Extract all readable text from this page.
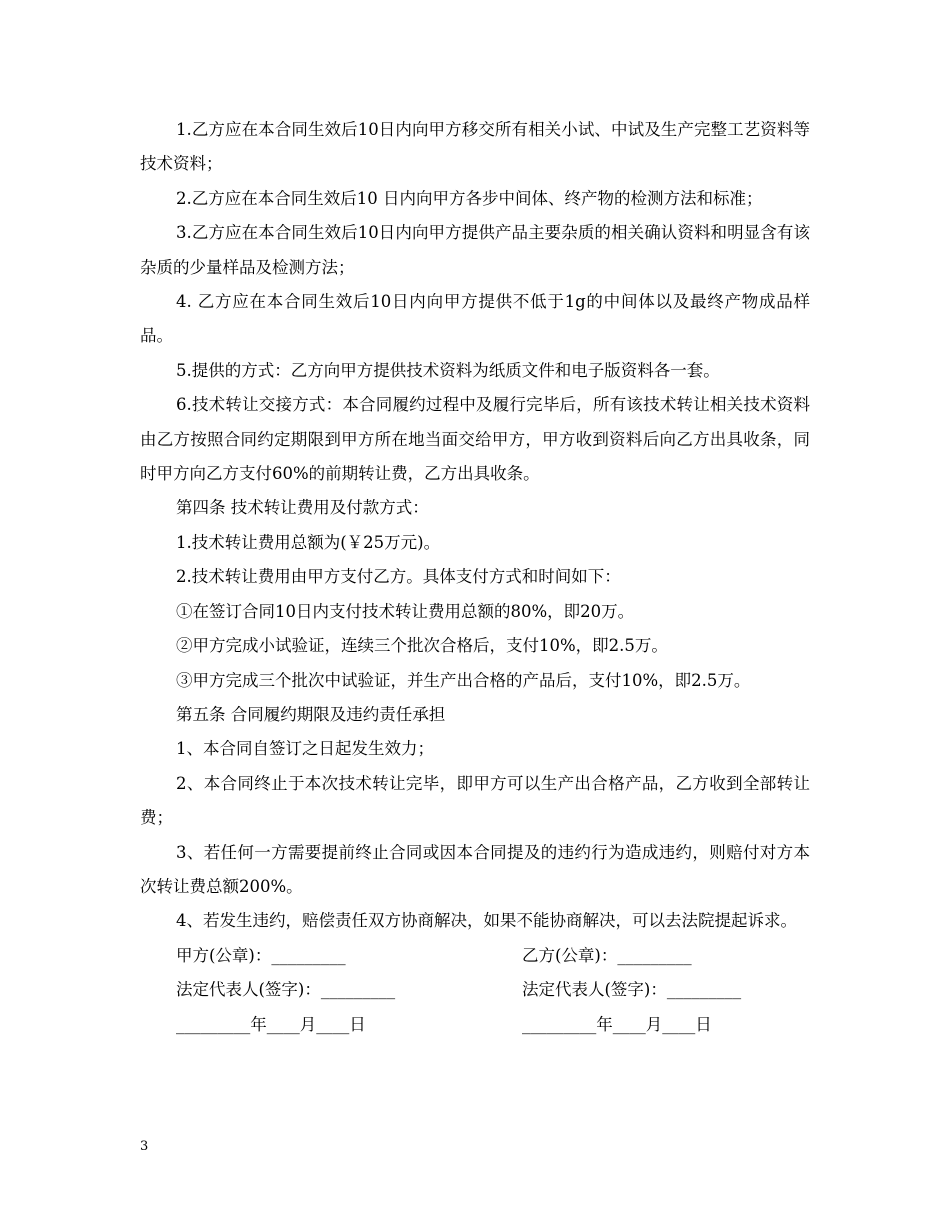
1.乙方应在本合同生效后10日内向甲方移交所有相关小试、中试及生产完整工艺资料等技术资料；

2.乙方应在本合同生效后10 日内向甲方各步中间体、终产物的检测方法和标准；

3.乙方应在本合同生效后10日内向甲方提供产品主要杂质的相关确认资料和明显含有该杂质的少量样品及检测方法；

4. 乙方应在本合同生效后10日内向甲方提供不低于1g的中间体以及最终产物成品样品。

5.提供的方式：乙方向甲方提供技术资料为纸质文件和电子版资料各一套。

6.技术转让交接方式：本合同履约过程中及履行完毕后，所有该技术转让相关技术资料由乙方按照合同约定期限到甲方所在地当面交给甲方，甲方收到资料后向乙方出具收条，同时甲方向乙方支付60%的前期转让费，乙方出具收条。

第四条 技术转让费用及付款方式：

1.技术转让费用总额为(￥25万元)。

2.技术转让费用由甲方支付乙方。具体支付方式和时间如下：

①在签订合同10日内支付技术转让费用总额的80%，即20万。

②甲方完成小试验证，连续三个批次合格后，支付10%，即2.5万。

③甲方完成三个批次中试验证，并生产出合格的产品后，支付10%，即2.5万。

第五条 合同履约期限及违约责任承担

1、本合同自签订之日起发生效力；

2、本合同终止于本次技术转让完毕，即甲方可以生产出合格产品，乙方收到全部转让费；

3、若任何一方需要提前终止合同或因本合同提及的违约行为造成违约，则赔付对方本次转让费总额200%。

4、若发生违约，赔偿责任双方协商解决，如果不能协商解决，可以去法院提起诉求。

甲方(公章)：_________	乙方(公章)：_________
法定代表人(签字)：_________	法定代表人(签字)：_________
_________年____月____日	_________年____月____日
3
